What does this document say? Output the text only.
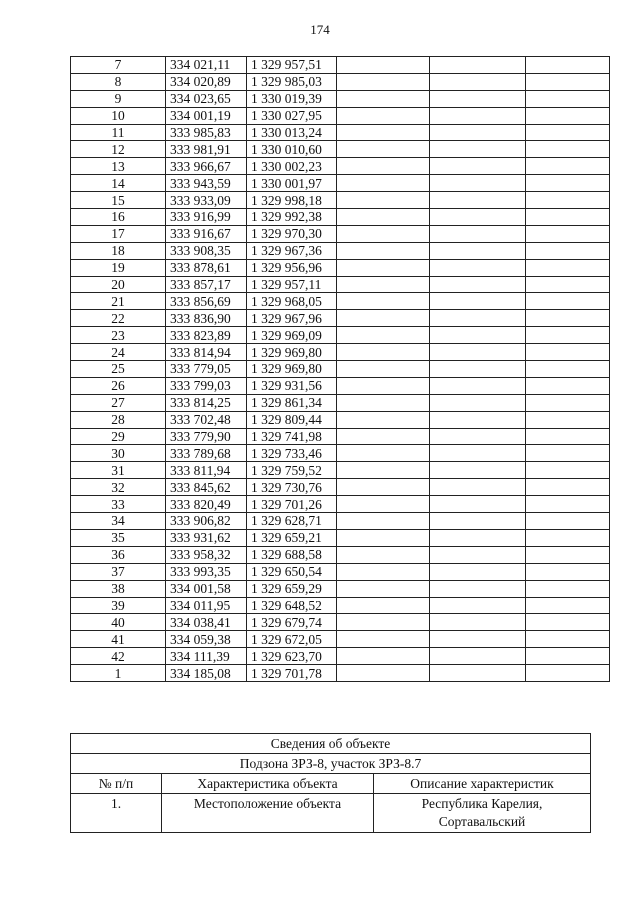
174
7	334 021,11	1 329 957,51			
8	334 020,89	1 329 985,03			
9	334 023,65	1 330 019,39			
10	334 001,19	1 330 027,95			
11	333 985,83	1 330 013,24			
12	333 981,91	1 330 010,60			
13	333 966,67	1 330 002,23			
14	333 943,59	1 330 001,97			
15	333 933,09	1 329 998,18			
16	333 916,99	1 329 992,38			
17	333 916,67	1 329 970,30			
18	333 908,35	1 329 967,36			
19	333 878,61	1 329 956,96			
20	333 857,17	1 329 957,11			
21	333 856,69	1 329 968,05			
22	333 836,90	1 329 967,96			
23	333 823,89	1 329 969,09			
24	333 814,94	1 329 969,80			
25	333 779,05	1 329 969,80			
26	333 799,03	1 329 931,56			
27	333 814,25	1 329 861,34			
28	333 702,48	1 329 809,44			
29	333 779,90	1 329 741,98			
30	333 789,68	1 329 733,46			
31	333 811,94	1 329 759,52			
32	333 845,62	1 329 730,76			
33	333 820,49	1 329 701,26			
34	333 906,82	1 329 628,71			
35	333 931,62	1 329 659,21			
36	333 958,32	1 329 688,58			
37	333 993,35	1 329 650,54			
38	334 001,58	1 329 659,29			
39	334 011,95	1 329 648,52			
40	334 038,41	1 329 679,74			
41	334 059,38	1 329 672,05			
42	334 111,39	1 329 623,70			
1	334 185,08	1 329 701,78			
Сведения об объекте		
Подзона ЗРЗ-8, участок ЗРЗ-8.7		
№ п/п	Характеристика объекта	Описание характеристик
1.	Местоположение объекта	Республика Карелия,
Сортавальский
